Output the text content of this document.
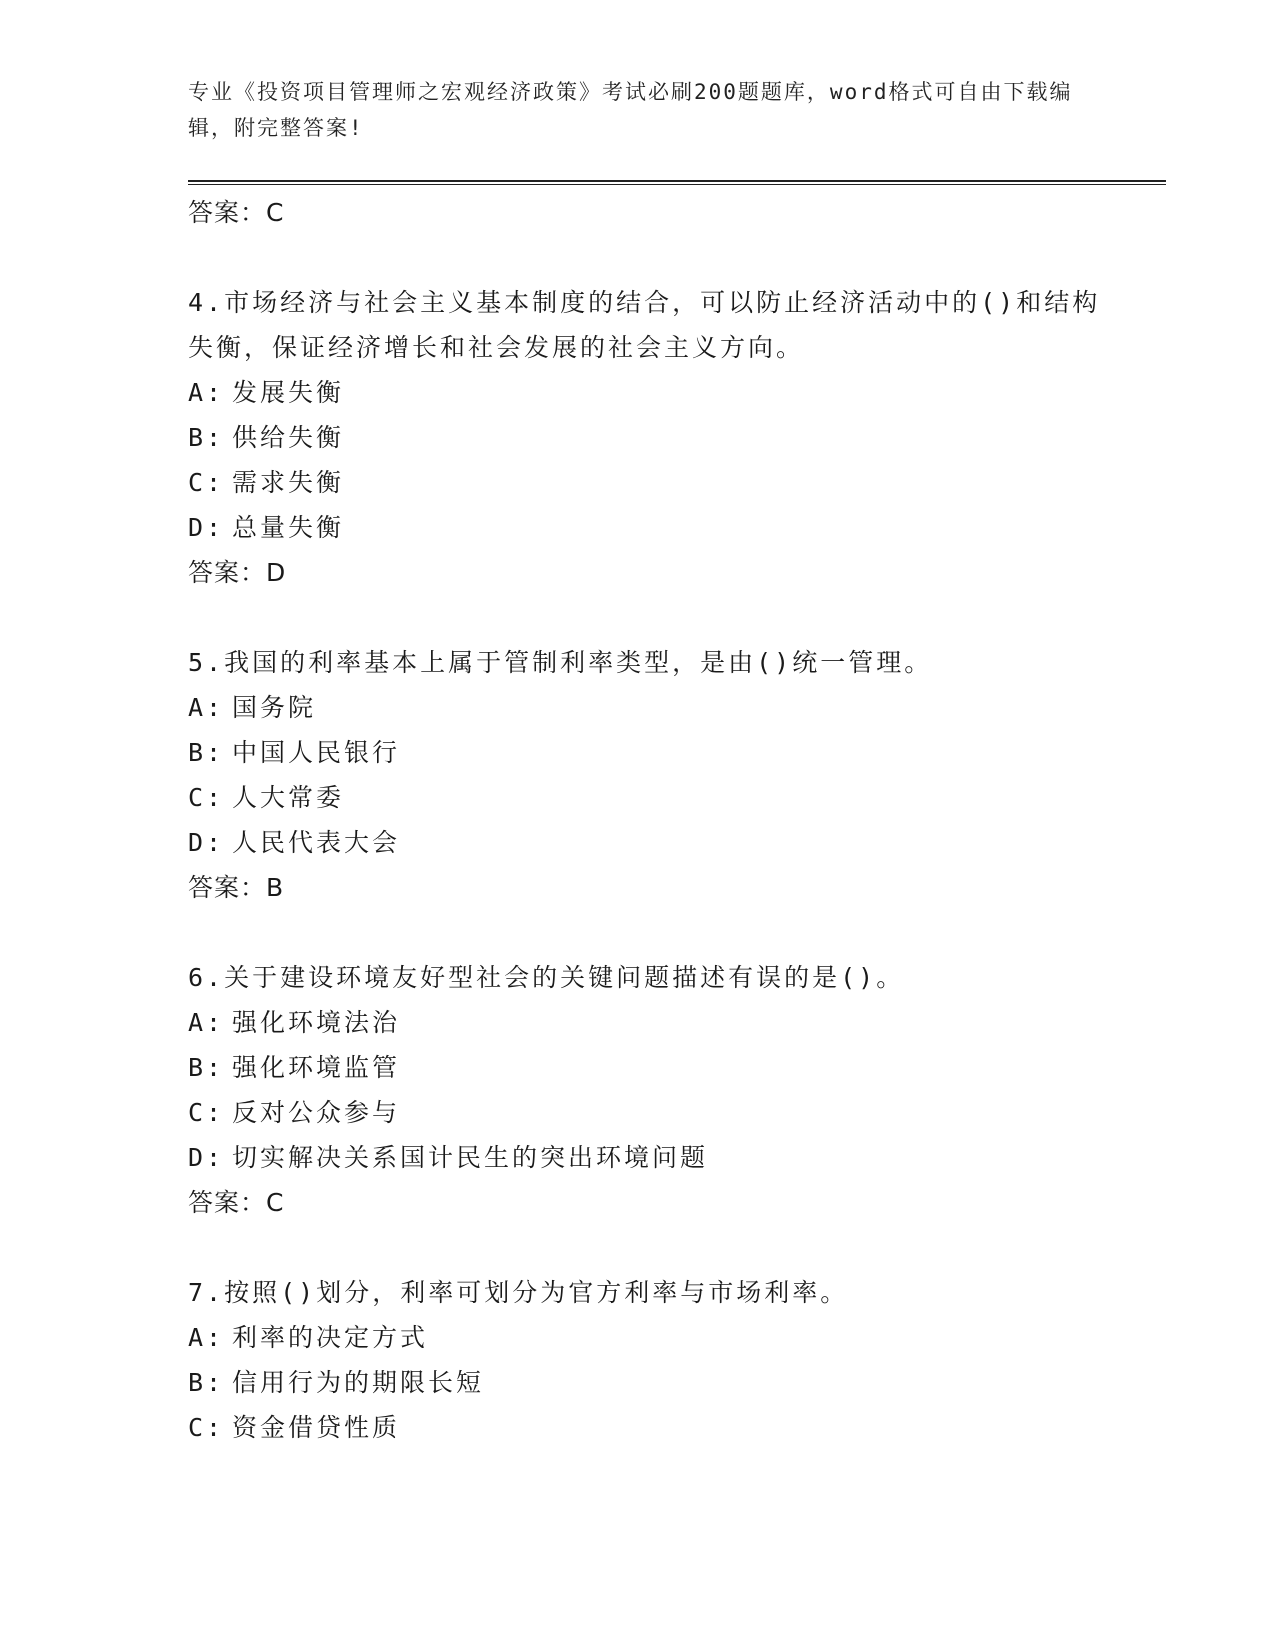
专业《投资项目管理师之宏观经济政策》考试必刷200题题库，word格式可自由下载编辑，附完整答案!
答案：C
4.市场经济与社会主义基本制度的结合，可以防止经济活动中的()和结构失衡，保证经济增长和社会发展的社会主义方向。
A: 发展失衡
B: 供给失衡
C: 需求失衡
D: 总量失衡
答案：D
5.我国的利率基本上属于管制利率类型，是由()统一管理。
A: 国务院
B: 中国人民银行
C: 人大常委
D: 人民代表大会
答案：B
6.关于建设环境友好型社会的关键问题描述有误的是()。
A: 强化环境法治
B: 强化环境监管
C: 反对公众参与
D: 切实解决关系国计民生的突出环境问题
答案：C
7.按照()划分，利率可划分为官方利率与市场利率。
A: 利率的决定方式
B: 信用行为的期限长短
C: 资金借贷性质
